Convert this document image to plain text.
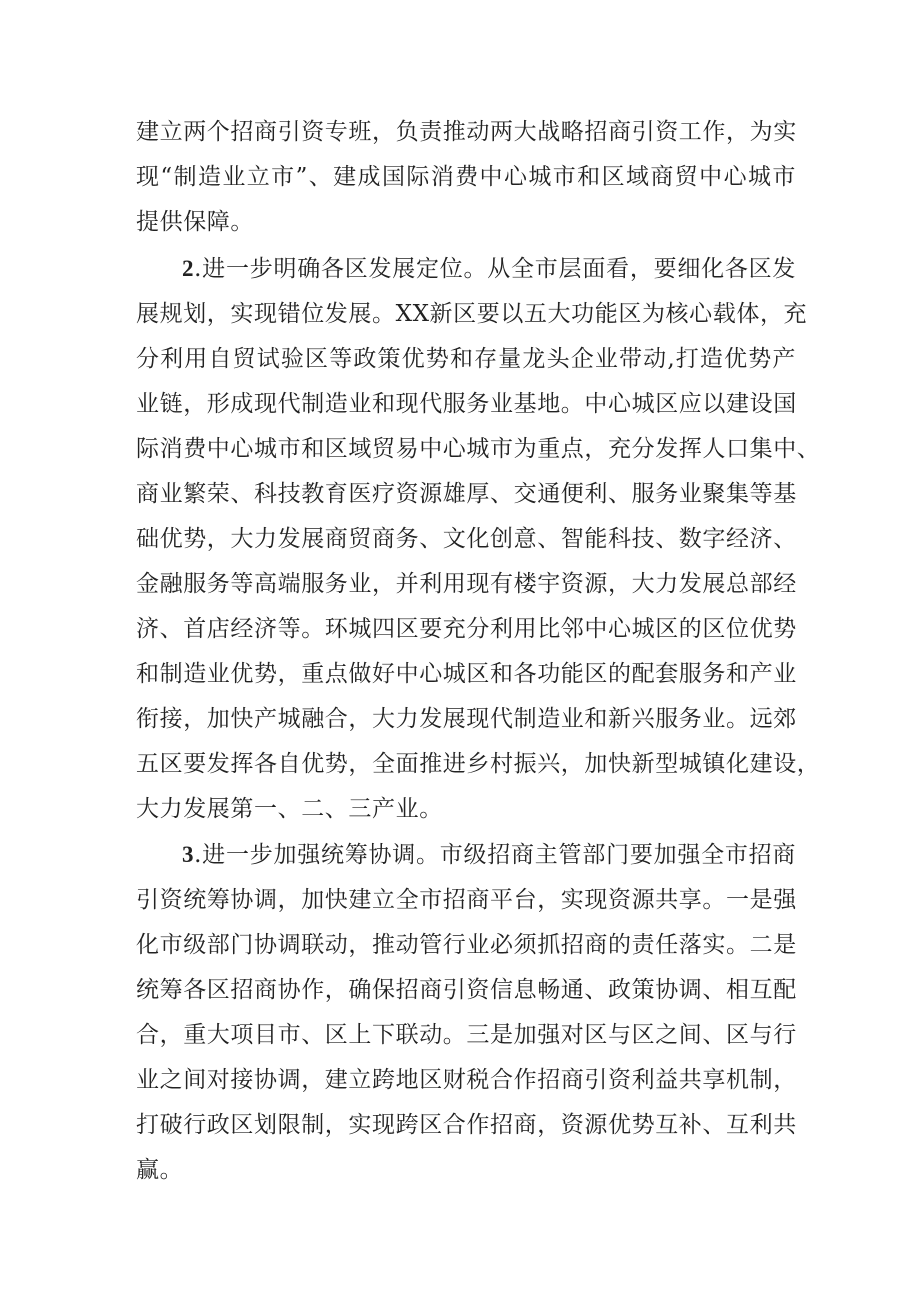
建立两个招商引资专班，负责推动两大战略招商引资工作，为实
现“制造业立市”、建成国际消费中心城市和区域商贸中心城市
提供保障。
2.进一步明确各区发展定位。从全市层面看，要细化各区发
展规划，实现错位发展。XX新区要以五大功能区为核心载体，充
分利用自贸试验区等政策优势和存量龙头企业带动,打造优势产
业链，形成现代制造业和现代服务业基地。中心城区应以建设国
际消费中心城市和区域贸易中心城市为重点，充分发挥人口集中、
商业繁荣、科技教育医疗资源雄厚、交通便利、服务业聚集等基
础优势，大力发展商贸商务、文化创意、智能科技、数字经济、
金融服务等高端服务业，并利用现有楼宇资源，大力发展总部经
济、首店经济等。环城四区要充分利用比邻中心城区的区位优势
和制造业优势，重点做好中心城区和各功能区的配套服务和产业
衔接，加快产城融合，大力发展现代制造业和新兴服务业。远郊
五区要发挥各自优势，全面推进乡村振兴，加快新型城镇化建设，
大力发展第一、二、三产业。
3.进一步加强统筹协调。市级招商主管部门要加强全市招商
引资统筹协调，加快建立全市招商平台，实现资源共享。一是强
化市级部门协调联动，推动管行业必须抓招商的责任落实。二是
统筹各区招商协作，确保招商引资信息畅通、政策协调、相互配
合，重大项目市、区上下联动。三是加强对区与区之间、区与行
业之间对接协调，建立跨地区财税合作招商引资利益共享机制，
打破行政区划限制，实现跨区合作招商，资源优势互补、互利共
赢。
